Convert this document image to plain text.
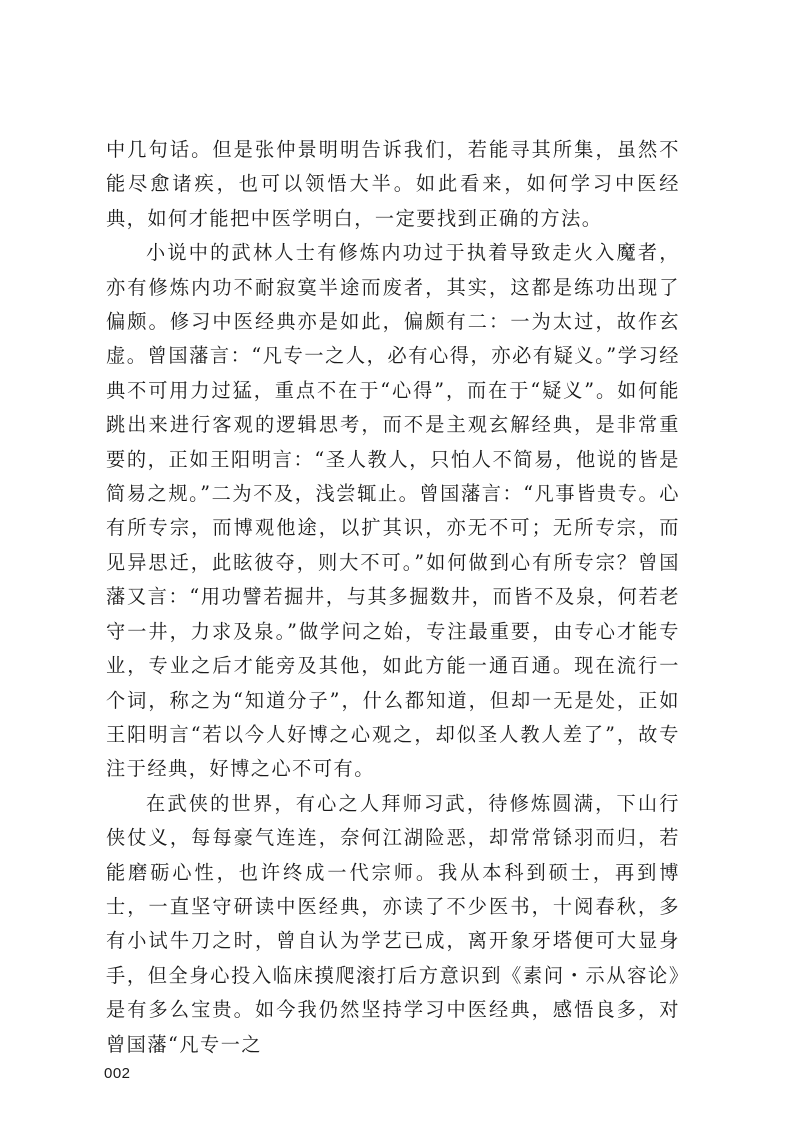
中几句话。但是张仲景明明告诉我们，若能寻其所集，虽然不能尽愈诸疾，也可以领悟大半。如此看来，如何学习中医经典，如何才能把中医学明白，一定要找到正确的方法。

小说中的武林人士有修炼内功过于执着导致走火入魔者，亦有修炼内功不耐寂寞半途而废者，其实，这都是练功出现了偏颇。修习中医经典亦是如此，偏颇有二：一为太过，故作玄虚。曾国藩言：“凡专一之人，必有心得，亦必有疑义。”学习经典不可用力过猛，重点不在于“心得”，而在于“疑义”。如何能跳出来进行客观的逻辑思考，而不是主观玄解经典，是非常重要的，正如王阳明言：“圣人教人，只怕人不简易，他说的皆是简易之规。”二为不及，浅尝辄止。曾国藩言：“凡事皆贵专。心有所专宗，而博观他途，以扩其识，亦无不可；无所专宗，而见异思迁，此眩彼夺，则大不可。”如何做到心有所专宗？曾国藩又言：“用功譬若掘井，与其多掘数井，而皆不及泉，何若老守一井，力求及泉。”做学问之始，专注最重要，由专心才能专业，专业之后才能旁及其他，如此方能一通百通。现在流行一个词，称之为“知道分子”，什么都知道，但却一无是处，正如王阳明言“若以今人好博之心观之，却似圣人教人差了”，故专注于经典，好博之心不可有。

在武侠的世界，有心之人拜师习武，待修炼圆满，下山行侠仗义，每每豪气连连，奈何江湖险恶，却常常铩羽而归，若能磨砺心性，也许终成一代宗师。我从本科到硕士，再到博士，一直坚守研读中医经典，亦读了不少医书，十阅春秋，多有小试牛刀之时，曾自认为学艺已成，离开象牙塔便可大显身手，但全身心投入临床摸爬滚打后方意识到《素问・示从容论》是有多么宝贵。如今我仍然坚持学习中医经典，感悟良多，对曾国藩“凡专一之

002
